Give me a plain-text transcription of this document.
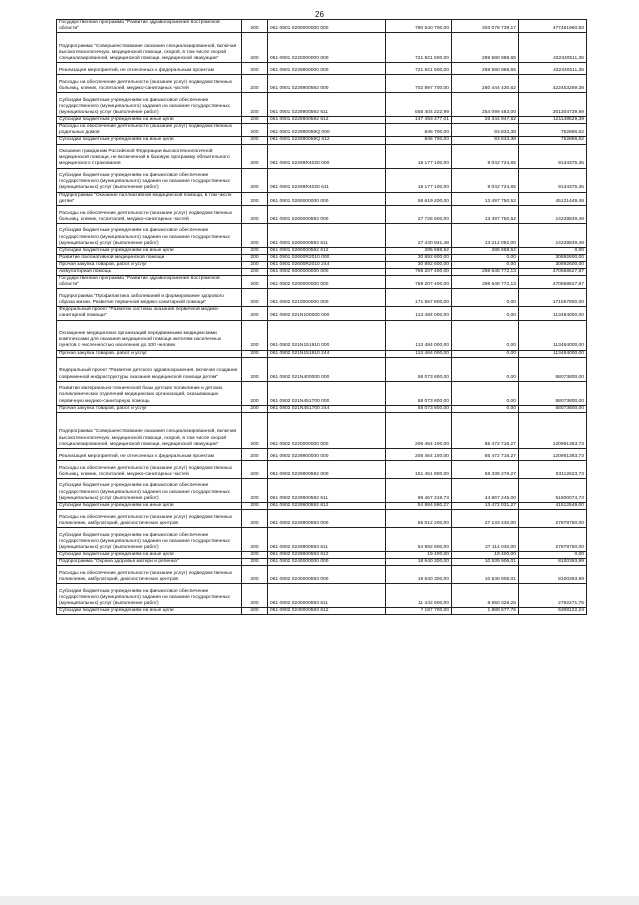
26
Государственная программа "Развитие здравоохранения Костромской области"	200	061 0901 0200000000 000	780 540 700,00	303 078 739,17	477461960,83
Подпрограмма "Совершенствование оказания специализированной, включая высокотехнологичную, медицинской помощи, скорой, в том числе скорой специализированной, медицинской помощи, медицинской эвакуации"	200	061 0901 0220000000 000	721 921 500,00	289 580 988,65	432340511,35
Реализация мероприятий, не отнесенных к федеральным проектам	200	061 0901 0229900000 000	721 921 500,00	289 580 988,65	432340511,35
Расходы на обеспечение деятельности (оказание услуг) подведомственных больниц, клиник, госпиталей, медико-санитарных частей	200	061 0901 0229900592 000	702 897 700,00	280 444 430,62	422453269,38
Субсидии бюджетным учреждениям на финансовое обеспечение государственного (муниципального) задания на оказание государственных (муниципальных) услуг (выполнение работ)	200	061 0901 0229900592 611	555 404 222,99	254 099 483,00	301304739,99
Субсидии бюджетным учреждениям на иные цели	200	061 0901 0229900592 612	147 493 477,01	26 344 947,62	121148529,39
Расходы на обеспечение деятельности (оказание услуг) подведомственных родильных домов	200	061 0901 022990059Q 000	846 700,00	93 833,38	752866,62
Субсидии бюджетным учреждениям на иные цели	200	061 0901 022990059Q 612	846 700,00	93 833,38	752866,62
Оказание гражданам Российской Федерации высокотехнологичной медицинской помощи, не включенной в базовую программу обязательного медицинского страхования	200	061 0901 02299R4020 000	18 177 100,00	9 042 724,65	9134375,35
Субсидии бюджетным учреждениям на финансовое обеспечение государственного (муниципального) задания на оказание государственных (муниципальных) услуг (выполнение работ)	200	061 0901 02299R4020 611	18 177 100,00	9 042 724,65	9134375,35
Подпрограмма "Оказание паллиативной медицинской помощи, в том числе детям"	200	061 0901 0260000000 000	58 619 200,00	13 497 750,52	45121449,48
Расходы на обеспечение деятельности (оказание услуг) подведомственных больниц, клиник, госпиталей, медико-санитарных частей	200	061 0901 0260000592 000	27 726 600,00	13 497 750,52	14228849,48
Субсидии бюджетным учреждениям на финансовое обеспечение государственного (муниципального) задания на оказание государственных (муниципальных) услуг (выполнение работ)	200	061 0901 0260000592 611	27 440 931,48	13 212 082,00	14228849,48
Субсидии бюджетным учреждениям на иные цели	200	061 0901 0260000592 612	285 668,52	285 668,52	0,00
Развитие паллиативной медицинской помощи	200	061 0901 02600R2010 000	30 892 600,00	0,00	30892600,00
Прочая закупка товаров, работ и услуг	200	061 0901 02600R2010 244	30 892 600,00	0,00	30892600,00
Амбулаторная помощь	200	061 0902 0000000000 000	769 207 400,00	298 648 772,13	470558627,87
Государственная программа "Развитие здравоохранения Костромской области"	200	061 0902 0200000000 000	769 207 400,00	298 648 772,13	470558627,87
Подпрограмма "Профилактика заболеваний и формирование здорового образа жизни. Развитие первичной медико-санитарной помощи"	200	061 0902 0210000000 000	171 557 800,00	0,00	171557800,00
Федеральный проект "Развитие системы оказания первичной медико-санитарной помощи"	200	061 0902 021N100000 000	113 484 000,00	0,00	113484000,00
Оснащение медицинских организаций передвижными медицинскими комплексами для оказания медицинской помощи жителям населенных пунктов с численностью населения до 100 человек	200	061 0902 021N151910 000	113 484 000,00	0,00	113484000,00
Прочая закупка товаров, работ и услуг	200	061 0902 021N151910 244	113 484 000,00	0,00	113484000,00
Федеральный проект "Развитие детского здравоохранения, включая создание современной инфраструктуры оказания медицинской помощи детям"	200	061 0902 021N400000 000	58 073 800,00	0,00	58073800,00
Развитие материально-технической базы детских поликлиник и детских поликлинических отделений медицинских организаций, оказывающих первичную медико-санитарную помощь	200	061 0902 021N451700 000	58 073 800,00	0,00	58073800,00
Прочая закупка товаров, работ и услуг	200	061 0902 021N451700 244	58 073 800,00	0,00	58073800,00
Подпрограмма "Совершенствование оказания специализированной, включая высокотехнологичную, медицинской помощи, скорой, в том числе скорой специализированной, медицинской помощи, медицинской эвакуации"	200	061 0902 0220000000 000	206 464 100,00	85 472 716,27	120991383,73
Реализация мероприятий, не отнесенных к федеральным проектам	200	061 0902 0229900000 000	206 464 100,00	85 472 716,27	120991383,73
Расходы на обеспечение деятельности (оказание услуг) подведомственных больниц, клиник, госпиталей, медико-санитарных частей	200	061 0902 0229900592 000	151 451 900,00	58 339 276,27	93112623,73
Субсидии бюджетным учреждениям на финансовое обеспечение государственного (муниципального) задания на оказание государственных (муниципальных) услуг (выполнение работ)	200	061 0902 0229900592 611	96 467 319,73	44 867 245,00	51600074,73
Субсидии бюджетным учреждениям на иные цели	200	061 0902 0229900592 612	54 984 580,27	13 472 031,27	41512549,00
Расходы на обеспечение деятельности (оказание услуг) подведомственных поликлиник, амбулаторий, диагностических центров	200	061 0902 0229900593 000	55 012 200,00	27 133 440,00	27878760,00
Субсидии бюджетным учреждениям на финансовое обеспечение государственного (муниципального) задания на оказание государственных (муниципальных) услуг (выполнение работ)	200	061 0902 0229900593 611	54 992 800,00	27 114 040,00	27878760,00
Субсидии бюджетным учреждениям на иные цели	200	061 0902 0229900593 612	19 400,00	19 400,00	0,00
Подпрограмма "Охрана здоровья матери и ребенка"	200	061 0902 0240000000 000	18 640 300,00	10 539 906,01	8100393,99
Расходы на обеспечение деятельности (оказание услуг) подведомственных поликлиник, амбулаторий, диагностических центров	200	061 0902 0240000593 000	18 640 300,00	10 539 906,01	8100393,99
Субсидии бюджетным учреждениям на финансовое обеспечение государственного (муниципального) задания на оказание государственных (муниципальных) услуг (выполнение работ)	200	061 0902 0240000593 611	11 442 600,00	8 650 328,25	2792271,75
Субсидии бюджетным учреждениям на иные цели	200	061 0902 0240000593 612	7 197 700,00	1 889 577,76	5308122,24
